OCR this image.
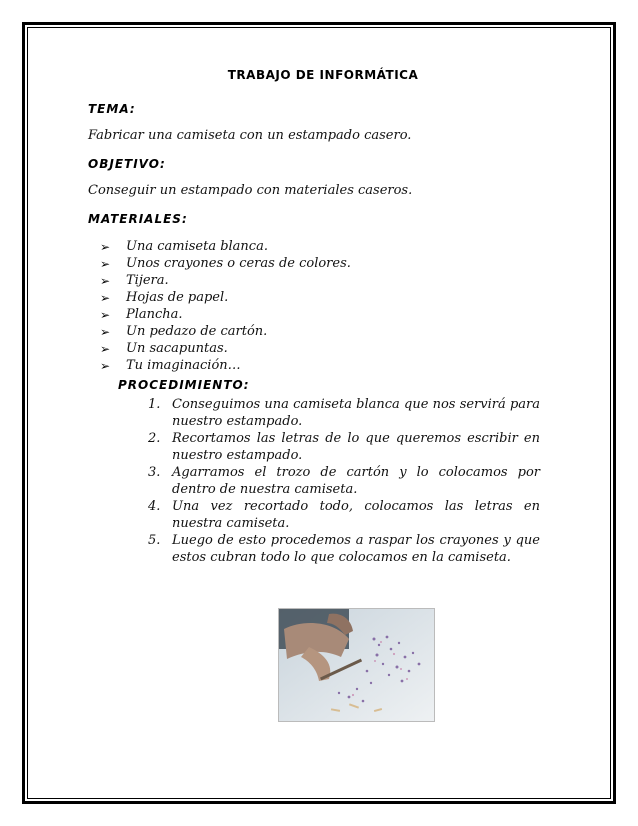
TRABAJO DE INFORMÁTICA
TEMA:
Fabricar una camiseta con un estampado casero.
OBJETIVO:
Conseguir un estampado con materiales caseros.
MATERIALES:
➢	Una camiseta blanca.
➢	Unos crayones o ceras de colores.
➢	Tijera.
➢	Hojas de papel.
➢	Plancha.
➢	Un pedazo de cartón.
➢	Un sacapuntas.
➢	Tu imaginación…
PROCEDIMIENTO:
1. Conseguimos una camiseta blanca que nos servirá para nuestro estampado.
2. Recortamos las letras de lo que queremos escribir en nuestro estampado.
3. Agarramos el trozo de cartón y lo colocamos por dentro de nuestra camiseta.
4. Una vez recortado todo, colocamos las letras en nuestra camiseta.
5. Luego de esto procedemos a raspar los crayones y que estos cubran todo lo que colocamos en la camiseta.
